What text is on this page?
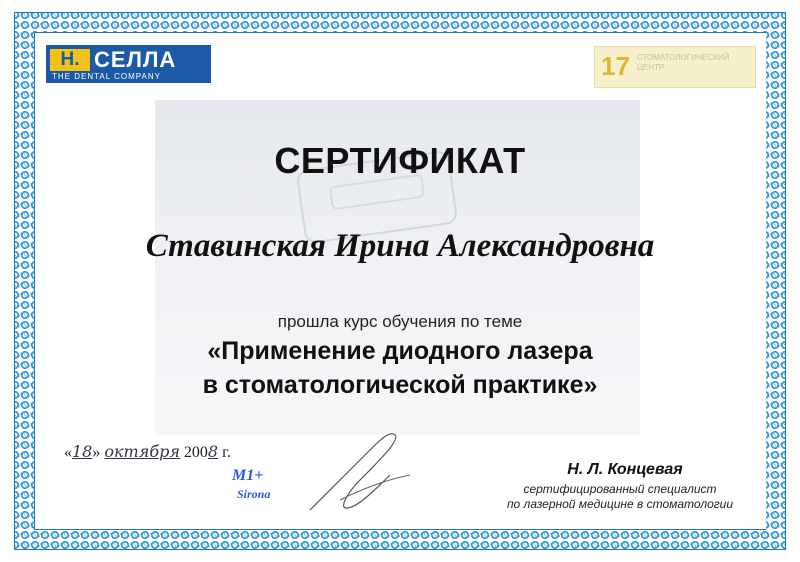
H. СЕЛЛА
THE DENTAL COMPANY	17 СТОМАТОЛОГИЧЕСКИЙ ЦЕНТР
СЕРТИФИКАТ
Ставинская Ирина Александровна
прошла курс обучения по теме
«Применение диодного лазера
в стоматологической практике»
«18» октября 2008 г.
M1+
Sirona
Н. Л. Концевая
сертифицированный специалист
по лазерной медицине в стоматологии
